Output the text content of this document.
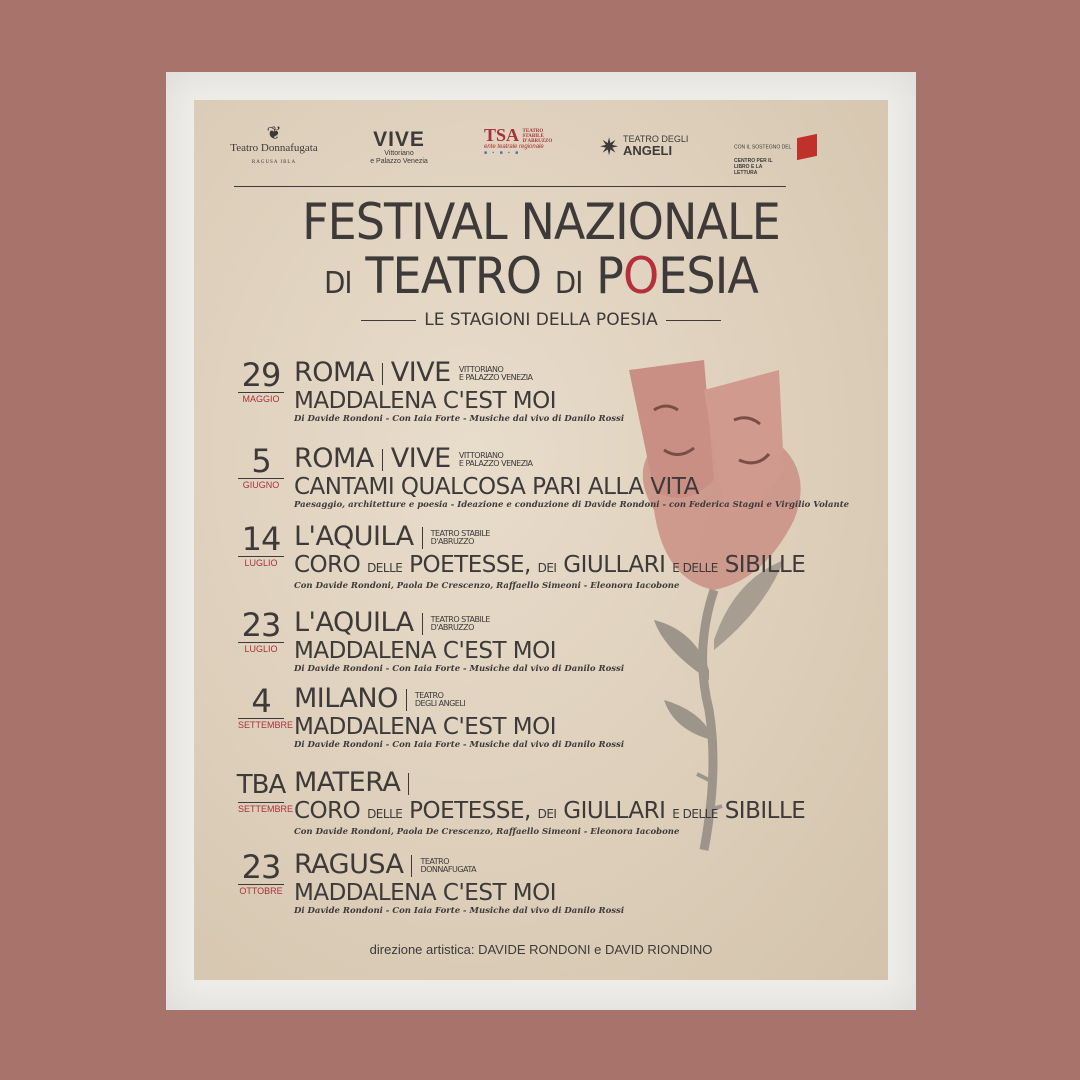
❦
Teatro Donnafugata
RAGUSA IBLA
VIVE
Vittoriano
e Palazzo Venezia
TSA TEATRO STABILE D'ABRUZZO
ente teatrale regionale
■ ▪ ■ ▪ ■	✷ TEATRO DEGLI
ANGELI	CON IL SOSTEGNO DEL  CENTRO PER IL LIBRO E LA LETTURA
FESTIVAL NAZIONALE
DI TEATRO DI POESIA
LE STAGIONI DELLA POESIA
29
MAGGIO
ROMA VIVE VITTORIANO
E PALAZZO VENEZIA
MADDALENA C'EST MOI
Di Davide Rondoni - Con Iaia Forte - Musiche dal vivo di Danilo Rossi
5
GIUGNO
ROMA VIVE VITTORIANO
E PALAZZO VENEZIA
CANTAMI QUALCOSA PARI ALLA VITA
Paesaggio, architetture e poesia - Ideazione e conduzione di Davide Rondoni - con Federica Stagni e Virgilio Volante
14
LUGLIO
L'AQUILA TEATRO STABILE
D'ABRUZZO
CORO DELLE POETESSE, DEI GIULLARI E DELLE SIBILLE
Con Davide Rondoni, Paola De Crescenzo, Raffaello Simeoni - Eleonora Iacobone
23
LUGLIO
L'AQUILA TEATRO STABILE
D'ABRUZZO
MADDALENA C'EST MOI
Di Davide Rondoni - Con Iaia Forte - Musiche dal vivo di Danilo Rossi
4
SETTEMBRE
MILANO TEATRO
DEGLI ANGELI
MADDALENA C'EST MOI
Di Davide Rondoni - Con Iaia Forte - Musiche dal vivo di Danilo Rossi
TBA
SETTEMBRE
MATERA
CORO DELLE POETESSE, DEI GIULLARI E DELLE SIBILLE
Con Davide Rondoni, Paola De Crescenzo, Raffaello Simeoni - Eleonora Iacobone
23
OTTOBRE
RAGUSA TEATRO
DONNAFUGATA
MADDALENA C'EST MOI
Di Davide Rondoni - Con Iaia Forte - Musiche dal vivo di Danilo Rossi
direzione artistica: DAVIDE RONDONI e DAVID RIONDINO
